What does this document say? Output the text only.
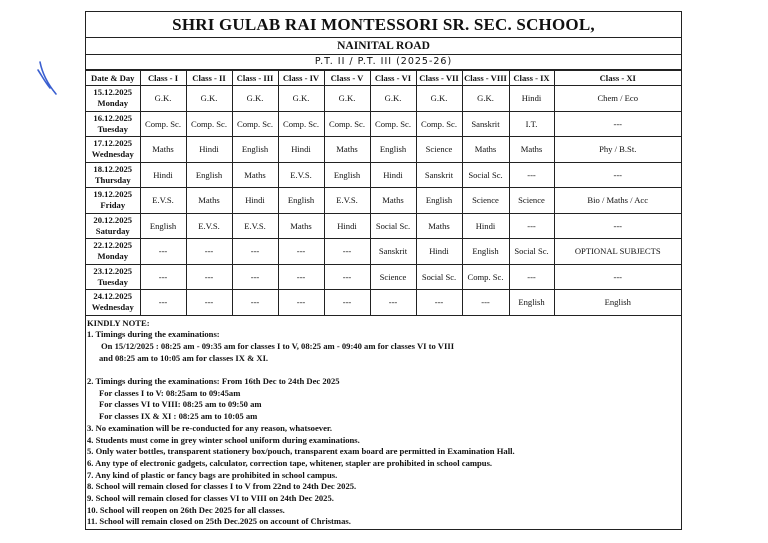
SHRI GULAB RAI MONTESSORI SR. SEC. SCHOOL,
NAINITAL ROAD
P.T. II / P.T. III (2025-26)
Date & Day	Class - I	Class - II	Class - III	Class - IV	Class - V	Class - VI	Class - VII	Class - VIII	Class - IX	Class - XI

15.12.2025
Monday	G.K.	G.K.	G.K.	G.K.	G.K.	G.K.	G.K.	G.K.	Hindi	Chem / Eco

16.12.2025
Tuesday	Comp. Sc.	Comp. Sc.	Comp. Sc.	Comp. Sc.	Comp. Sc.	Comp. Sc.	Comp. Sc.	Sanskrit	I.T.	---

17.12.2025
Wednesday	Maths	Hindi	English	Hindi	Maths	English	Science	Maths	Maths	Phy / B.St.

18.12.2025
Thursday	Hindi	English	Maths	E.V.S.	English	Hindi	Sanskrit	Social Sc.	---	---

19.12.2025
Friday	E.V.S.	Maths	Hindi	English	E.V.S.	Maths	English	Science	Science	Bio / Maths / Acc

20.12.2025
Saturday	English	E.V.S.	E.V.S.	Maths	Hindi	Social Sc.	Maths	Hindi	---	---

22.12.2025
Monday	---	---	---	---	---	Sanskrit	Hindi	English	Social Sc.	OPTIONAL SUBJECTS

23.12.2025
Tuesday	---	---	---	---	---	Science	Social Sc.	Comp. Sc.	---	---

24.12.2025
Wednesday	---	---	---	---	---	---	---	---	English	English
KINDLY NOTE:
1. Timings during the examinations:
On 15/12/2025 : 08:25 am - 09:35 am for classes I to V, 08:25 am - 09:40 am for classes VI to VIII
and 08:25 am to 10:05 am for classes IX & XI.
2. Timings during the examinations: From 16th Dec to 24th Dec 2025
For classes I to V: 08:25am to 09:45am
For classes VI to VIII: 08:25 am to 09:50 am
For classes IX & XI : 08:25 am to 10:05 am
3. No examination will be re-conducted for any reason, whatsoever.
4. Students must come in grey winter school uniform during examinations.
5. Only water bottles, transparent stationery box/pouch, transparent exam board are permitted in Examination Hall.
6. Any type of electronic gadgets, calculator, correction tape, whitener, stapler are prohibited in school campus.
7. Any kind of plastic or fancy bags are prohibited in school campus.
8. School will remain closed for classes I to V from 22nd to 24th Dec 2025.
9. School will remain closed for classes VI to VIII on 24th Dec 2025.
10. School will reopen on 26th Dec 2025 for all classes.
11. School will remain closed on 25th Dec.2025 on account of Christmas.
